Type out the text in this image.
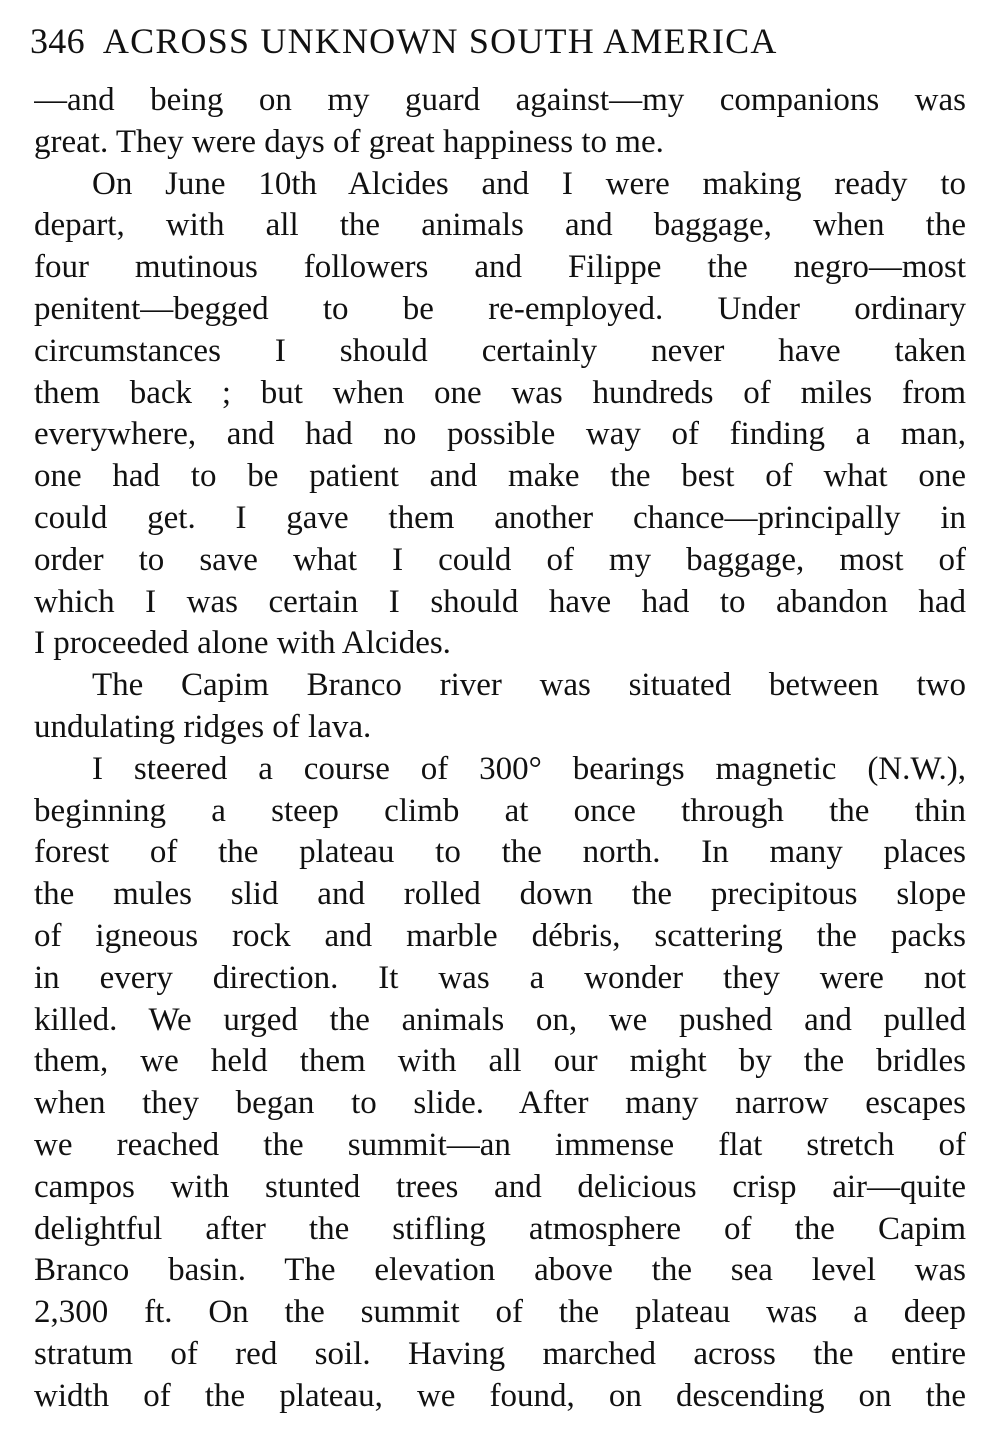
346 ACROSS UNKNOWN SOUTH AMERICA
—and being on my guard against—my companions was
great. They were days of great happiness to me.
On June 10th Alcides and I were making ready to
depart, with all the animals and baggage, when the
four mutinous followers and Filippe the negro—most
penitent—begged to be re-employed. Under ordinary
circumstances I should certainly never have taken
them back ; but when one was hundreds of miles from
everywhere, and had no possible way of finding a man,
one had to be patient and make the best of what one
could get. I gave them another chance—principally in
order to save what I could of my baggage, most of
which I was certain I should have had to abandon had
I proceeded alone with Alcides.
The Capim Branco river was situated between two
undulating ridges of lava.
I steered a course of 300° bearings magnetic (N.W.),
beginning a steep climb at once through the thin
forest of the plateau to the north. In many places
the mules slid and rolled down the precipitous slope
of igneous rock and marble débris, scattering the packs
in every direction. It was a wonder they were not
killed. We urged the animals on, we pushed and pulled
them, we held them with all our might by the bridles
when they began to slide. After many narrow escapes
we reached the summit—an immense flat stretch of
campos with stunted trees and delicious crisp air—quite
delightful after the stifling atmosphere of the Capim
Branco basin. The elevation above the sea level was
2,300 ft. On the summit of the plateau was a deep
stratum of red soil. Having marched across the entire
width of the plateau, we found, on descending on the
